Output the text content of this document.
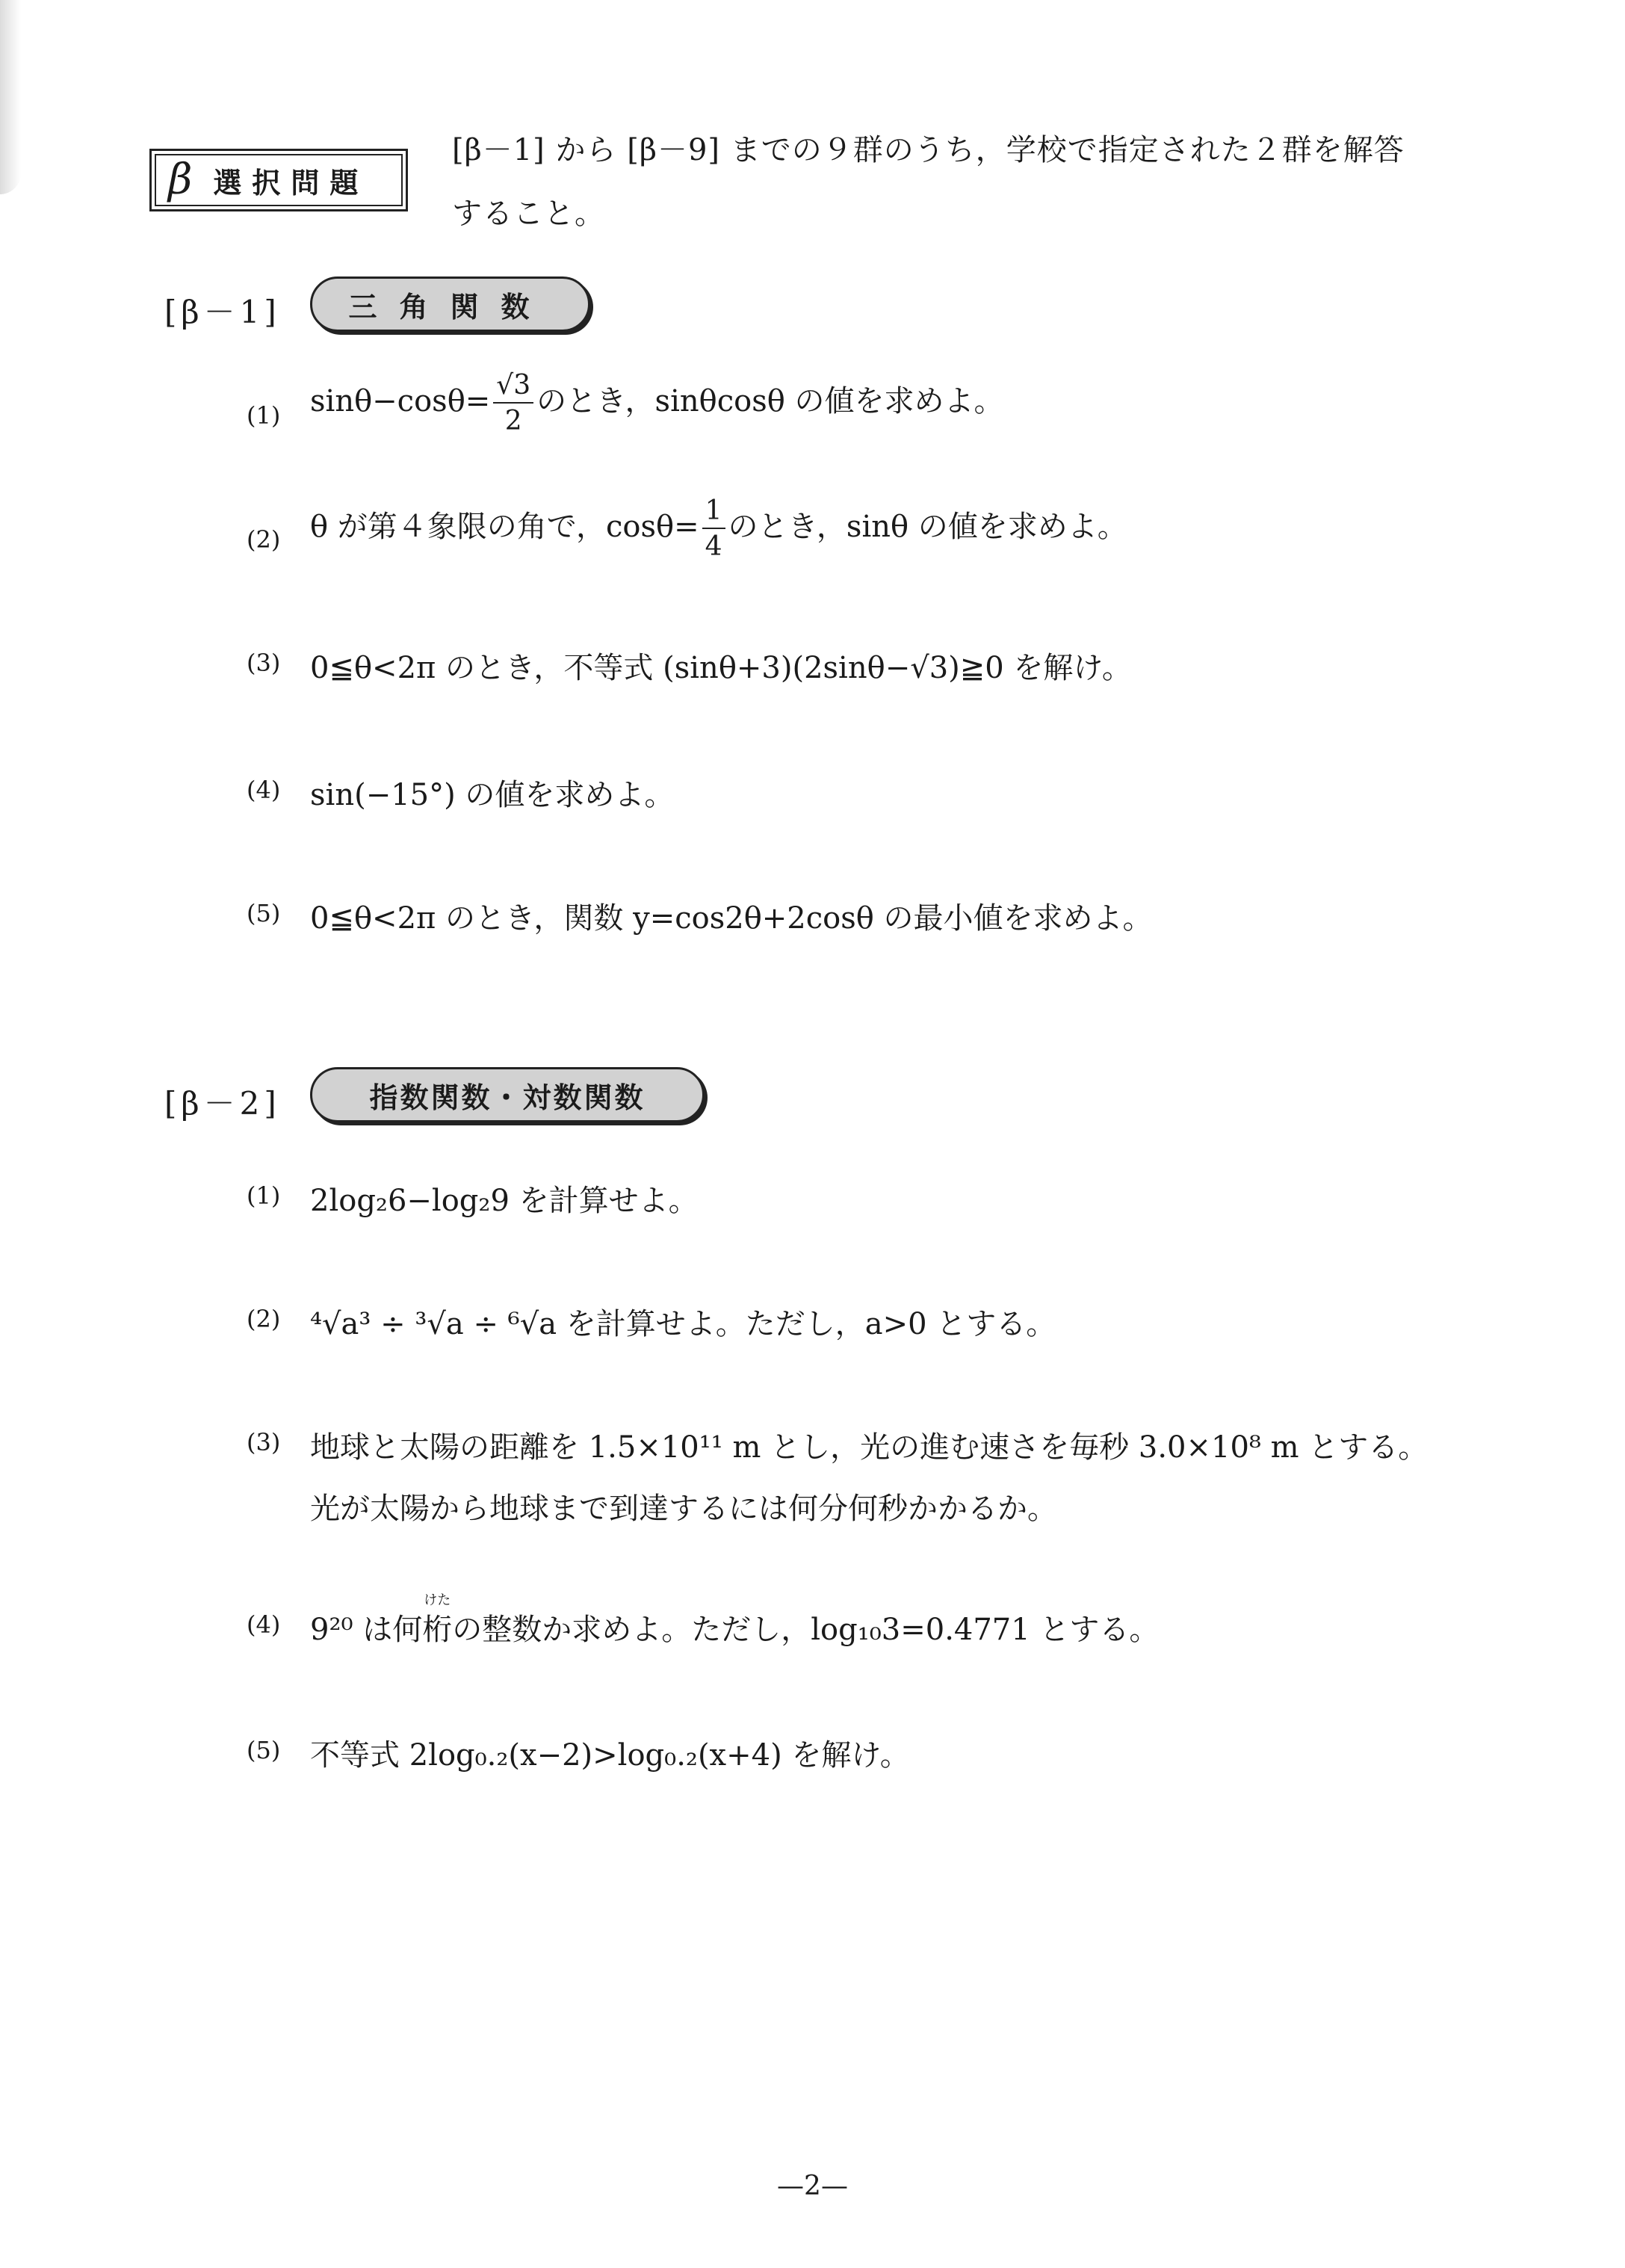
β 選択問題
[β－1] から [β－9] までの９群のうち，学校で指定された２群を解答
すること。
[β－1]	三角関数
(1) $\sin\theta-\cos\theta= \frac{√3}{2}$ のとき，sinθcosθ の値を求めよ。
(2) θ が第４象限の角で，$\cos\theta= \frac{1}{4}$ のとき，sinθ の値を求めよ。
(3) 0≦θ<2π のとき，不等式 (sinθ+3)(2sinθ−√3)≧0 を解け。
(4) sin(−15°) の値を求めよ。
(5) 0≦θ<2π のとき，関数 y=cos2θ+2cosθ の最小値を求めよ。
[β－2]	指数関数・対数関数
(1) 2log₂6−log₂9 を計算せよ。
(2) ⁴√a³ ÷ ³√a ÷ ⁶√a を計算せよ。ただし，a>0 とする。
(3) 地球と太陽の距離を 1.5×10¹¹ m とし，光の進む速さを毎秒 3.0×10⁸ m とする。
光が太陽から地球まで到達するには何分何秒かかるか。
(4) 9²⁰ は何
けた
桁の整数か求めよ。ただし，log₁₀3=0.4771 とする。
(5) 不等式 2log₀.₂(x−2)>log₀.₂(x+4) を解け。
—2—
